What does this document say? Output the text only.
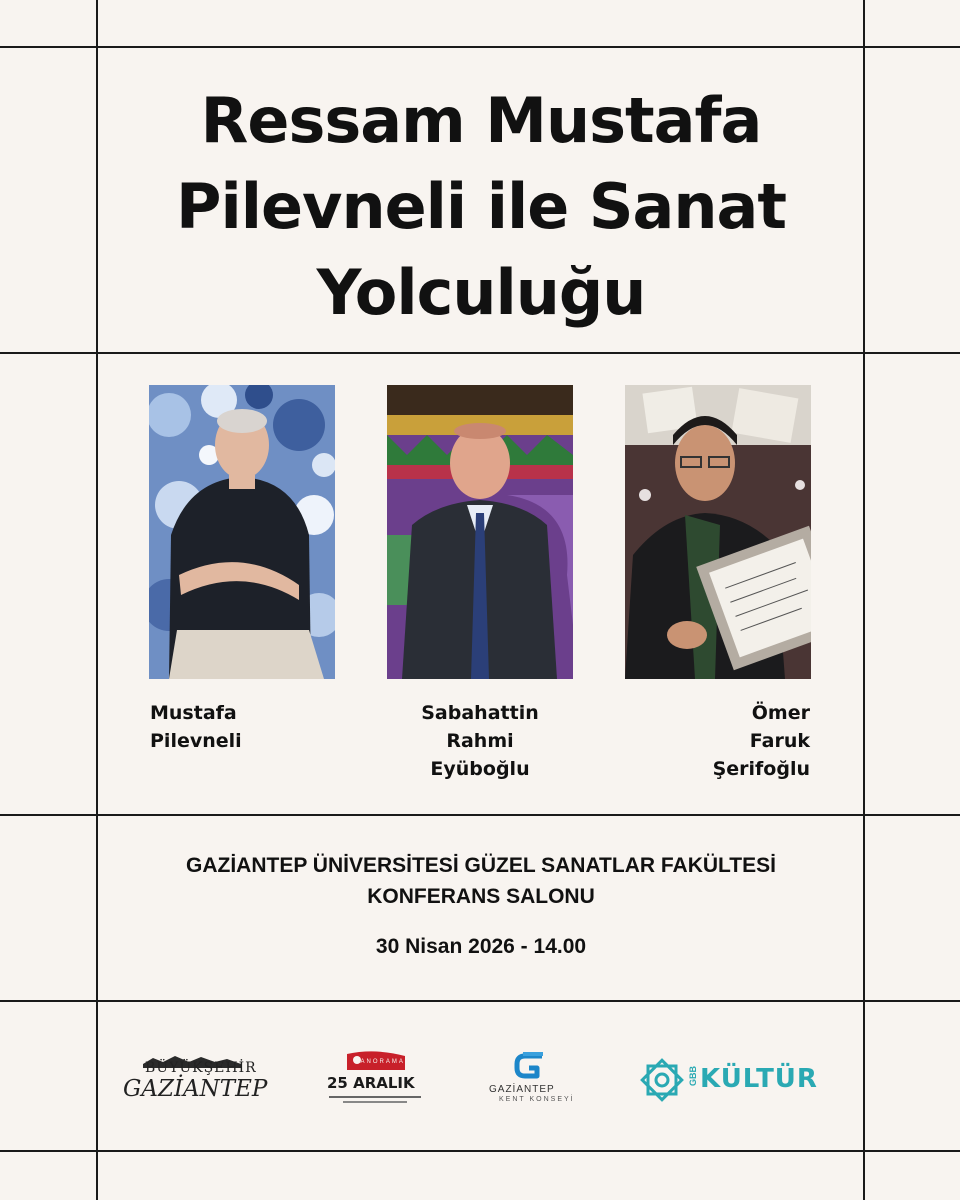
Ressam Mustafa
Pilevneli ile Sanat
Yolculuğu
Mustafa
Pilevneli
Sabahattin
Rahmi
Eyüboğlu
Ömer
Faruk
Şerifoğlu
GAZİANTEP ÜNİVERSİTESİ GÜZEL SANATLAR FAKÜLTESİ
KONFERANS SALONU
30 Nisan 2026 - 14.00
BÜYÜKŞEHİR
GAZİANTEP
PANORAMA
25 ARALIK	GAZİANTEP
KENT KONSEYİ
GBB KÜLTÜR
